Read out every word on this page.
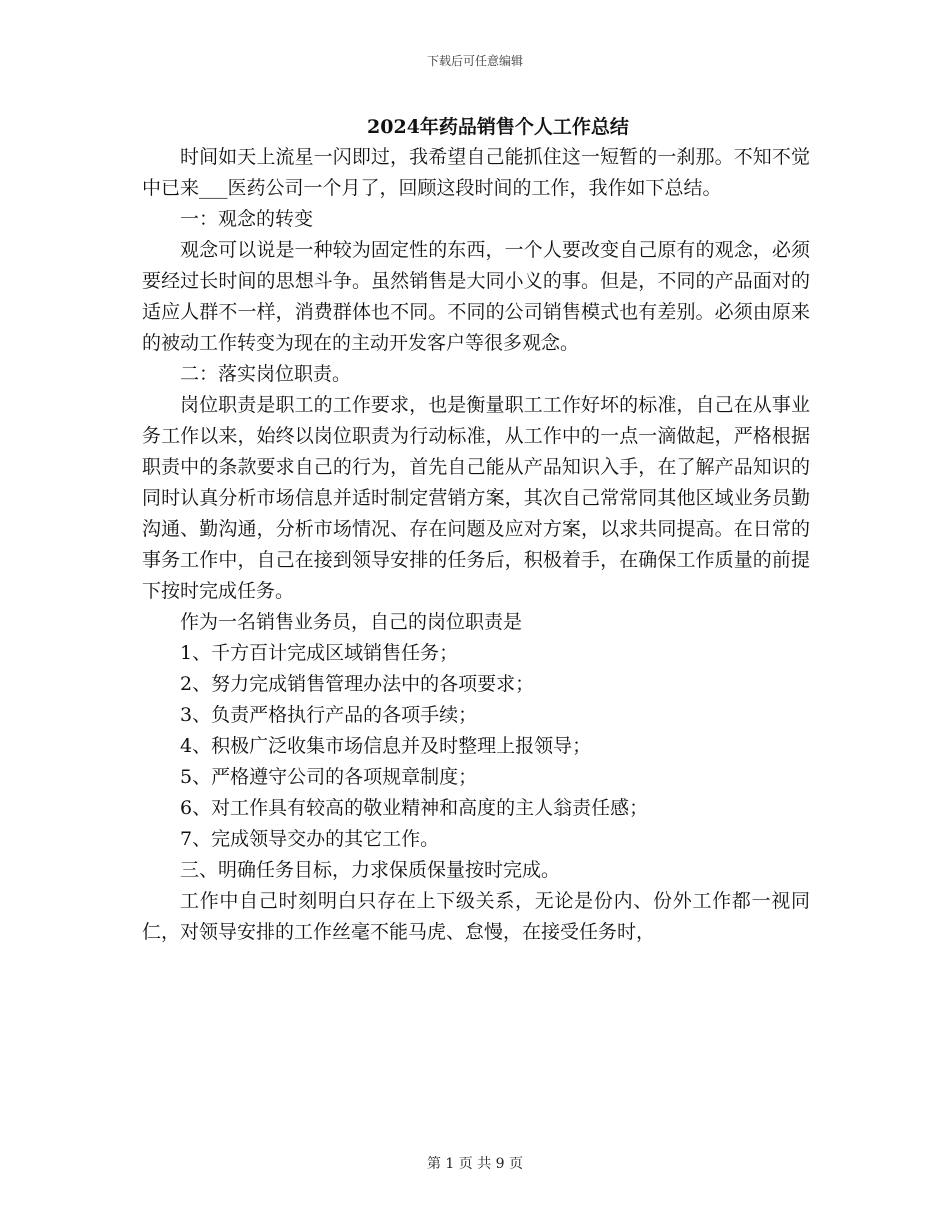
下载后可任意编辑
2024年药品销售个人工作总结

时间如天上流星一闪即过，我希望自己能抓住这一短暂的一刹那。不知不觉中已来___医药公司一个月了，回顾这段时间的工作，我作如下总结。

一：观念的转变

观念可以说是一种较为固定性的东西，一个人要改变自己原有的观念，必须要经过长时间的思想斗争。虽然销售是大同小义的事。但是，不同的产品面对的适应人群不一样，消费群体也不同。不同的公司销售模式也有差别。必须由原来的被动工作转变为现在的主动开发客户等很多观念。

二：落实岗位职责。

岗位职责是职工的工作要求，也是衡量职工工作好坏的标准，自己在从事业务工作以来，始终以岗位职责为行动标准，从工作中的一点一滴做起，严格根据职责中的条款要求自己的行为，首先自己能从产品知识入手，在了解产品知识的同时认真分析市场信息并适时制定营销方案，其次自己常常同其他区域业务员勤沟通、勤沟通，分析市场情况、存在问题及应对方案，以求共同提高。在日常的事务工作中，自己在接到领导安排的任务后，积极着手，在确保工作质量的前提下按时完成任务。

作为一名销售业务员，自己的岗位职责是

1、千方百计完成区域销售任务；

2、努力完成销售管理办法中的各项要求；

3、负责严格执行产品的各项手续；

4、积极广泛收集市场信息并及时整理上报领导；

5、严格遵守公司的各项规章制度；

6、对工作具有较高的敬业精神和高度的主人翁责任感；

7、完成领导交办的其它工作。

三、明确任务目标，力求保质保量按时完成。

工作中自己时刻明白只存在上下级关系，无论是份内、份外工作都一视同仁，对领导安排的工作丝毫不能马虎、怠慢，在接受任务时，

第 1 页 共 9 页
